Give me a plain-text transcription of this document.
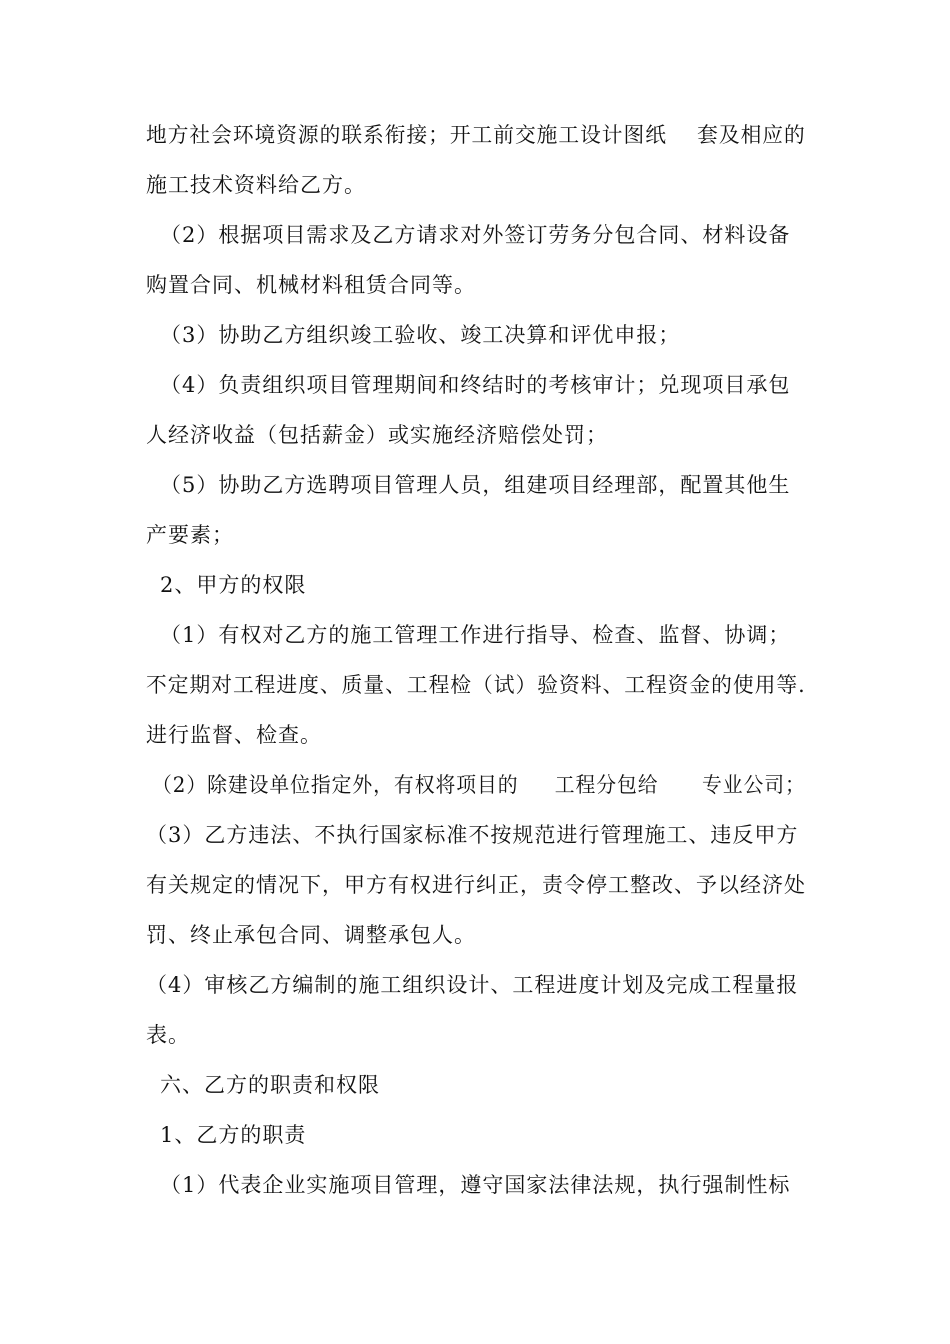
地方社会环境资源的联系衔接；开工前交施工设计图纸    套及相应的
施工技术资料给乙方。
（2）根据项目需求及乙方请求对外签订劳务分包合同、材料设备
购置合同、机械材料租赁合同等。
（3）协助乙方组织竣工验收、竣工决算和评优申报；
（4）负责组织项目管理期间和终结时的考核审计；兑现项目承包
人经济收益（包括薪金）或实施经济赔偿处罚；
（5）协助乙方选聘项目管理人员，组建项目经理部，配置其他生
产要素；
2、甲方的权限
（1）有权对乙方的施工管理工作进行指导、检查、监督、协调；
不定期对工程进度、质量、工程检（试）验资料、工程资金的使用等.
进行监督、检查。
（2）除建设单位指定外，有权将项目的     工程分包给      专业公司；
（3）乙方违法、不执行国家标准不按规范进行管理施工、违反甲方
有关规定的情况下，甲方有权进行纠正，责令停工整改、予以经济处
罚、终止承包合同、调整承包人。
（4）审核乙方编制的施工组织设计、工程进度计划及完成工程量报
表。
六、乙方的职责和权限
1、乙方的职责
（1）代表企业实施项目管理，遵守国家法律法规，执行强制性标
